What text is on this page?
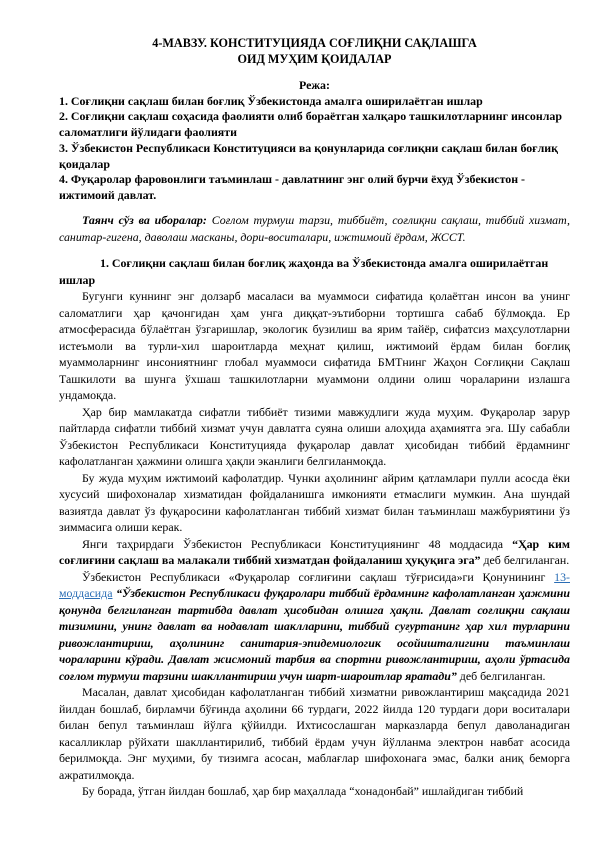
4-МАВЗУ. КОНСТИТУЦИЯДА СОҒЛИҚНИ САҚЛАШГА
ОИД МУҲИМ ҚОИДАЛАР
Режа:
1. Соғлиқни сақлаш билан боғлиқ Ўзбекистонда амалга оширилаётган ишлар
2. Соғлиқни сақлаш соҳасида фаолияти олиб бораётган халқаро ташкилотларнинг инсонлар саломатлиги йўлидаги фаолияти
3. Ўзбекистон Республикаси Конституцияси ва қонунларида соғлиқни сақлаш билан боғлиқ қоидалар
4. Фуқаролар фаровонлиги таъминлаш - давлатнинг энг олий бурчи ёхуд Ўзбекистон - ижтимоий давлат.

Таянч сўз ва иборалар: Соғлом турмуш тарзи, тиббиёт, соғлиқни сақлаш, тиббий хизмат, санитар-гигена, даволаш масканы, дори-воситалари, ижтимоий ёрдам, ЖССТ.

1. Соғлиқни сақлаш билан боғлиқ жаҳонда ва Ўзбекистонда амалга оширилаётган ишлар

Бугунги куннинг энг долзарб масаласи ва муаммоси сифатида қолаётган инсон ва унинг саломатлиги ҳар қачонгидан ҳам унга диққат-эътиборни тортишга сабаб бўлмоқда. Ер атмосферасида бўлаётган ўзгаришлар, экологик бузилиш ва ярим тайёр, сифатсиз маҳсулотларни истеъмоли ва турли-хил шароитларда меҳнат қилиш, ижтимоий ёрдам билан боғлиқ муаммоларнинг инсониятнинг глобал муаммоси сифатида БМТнинг Жаҳон Соғлиқни Сақлаш Ташкилоти ва шунга ўхшаш ташкилотларни муаммони олдини олиш чораларини излашга ундамоқда.

Ҳар бир мамлакатда сифатли тиббиёт тизими мавжудлиги жуда муҳим. Фуқаролар зарур пайтларда сифатли тиббий хизмат учун давлатга суяна олиши алоҳида аҳамиятга эга. Шу сабабли Ўзбекистон Республикаси Конституцияда фуқаролар давлат ҳисобидан тиббий ёрдамнинг кафолатланган ҳажмини олишга ҳақли эканлиги белгиланмоқда.

Бу жуда муҳим ижтимоий кафолатдир. Чунки аҳолининг айрим қатламлари пулли асосда ёки хусусий шифохоналар хизматидан фойдаланишга имконияти етмаслиги мумкин. Ана шундай вазиятда давлат ўз фуқаросини кафолатланган тиббий хизмат билан таъминлаш мажбуриятини ўз зиммасига олиши керак.

Янги таҳрирдаги Ўзбекистон Республикаси Конституциянинг 48 моддасида “Ҳар ким соғлиғини сақлаш ва малакали тиббий хизматдан фойдаланиш ҳуқуқига эга” деб белгиланган.

Ўзбекистон Республикаси «Фуқаролар соғлиғини сақлаш тўғрисида»ги Қонунининг 13-моддасида “Ўзбекистон Республикаси фуқаролари тиббий ёрдамнинг кафолатланган ҳажмини қонунда белгиланган тартибда давлат ҳисобидан олишга ҳақли. Давлат соғлиқни сақлаш тизимини, унинг давлат ва нодавлат шаклларини, тиббий суғуртанинг ҳар хил турларини ривожлантириш, аҳолининг санитария-эпидемиологик осойишталигини таъминлаш чораларини кўради. Давлат жисмоний тарбия ва спортни ривожлантириш, аҳоли ўртасида соғлом турмуш тарзини шакллантириш учун шарт-шароитлар яратади” деб белгиланган.

Масалан, давлат ҳисобидан кафолатланган тиббий хизматни ривожлантириш мақсадида 2021 йилдан бошлаб, бирламчи бўғинда аҳолини 66 турдаги, 2022 йилда 120 турдаги дори воситалари билан бепул таъминлаш йўлга қўйилди. Ихтисослашган марказларда бепул даволанадиган касалликлар рўйхати шакллантирилиб, тиббий ёрдам учун йўлланма электрон навбат асосида берилмоқда. Энг муҳими, бу тизимга асосан, маблағлар шифохонага эмас, балки аниқ беморга ажратилмоқда.

Бу борада, ўтган йилдан бошлаб, ҳар бир маҳаллада “хонадонбай” ишлайдиган тиббий
